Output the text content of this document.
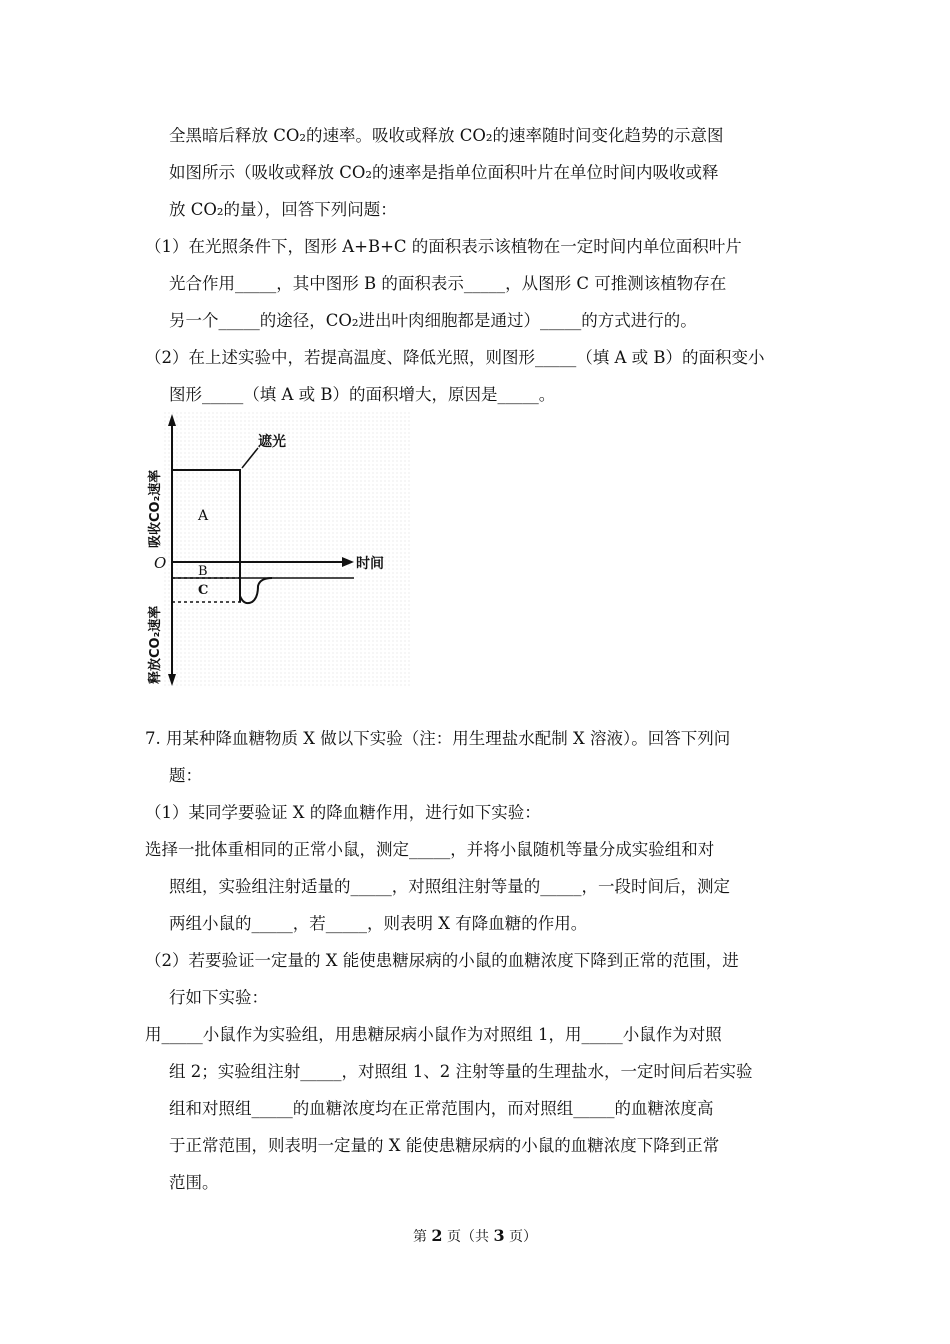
全黑暗后释放 CO₂的速率。吸收或释放 CO₂的速率随时间变化趋势的示意图

如图所示（吸收或释放 CO₂的速率是指单位面积叶片在单位时间内吸收或释

放 CO₂的量），回答下列问题：

（1）在光照条件下，图形 A+B+C 的面积表示该植物在一定时间内单位面积叶片

光合作用_____，其中图形 B 的面积表示_____，从图形 C 可推测该植物存在

另一个_____的途径，CO₂进出叶肉细胞都是通过）_____的方式进行的。

（2）在上述实验中，若提高温度、降低光照，则图形_____（填 A 或 B）的面积变小

图形_____（填 A 或 B）的面积增大，原因是_____。

遮光
A
B
C
O	时间
吸收CO₂速率
释放CO₂速率

7. 用某种降血糖物质 X 做以下实验（注：用生理盐水配制 X 溶液）。回答下列问

题：

（1）某同学要验证 X 的降血糖作用，进行如下实验：

选择一批体重相同的正常小鼠，测定_____，并将小鼠随机等量分成实验组和对

照组，实验组注射适量的_____，对照组注射等量的_____，一段时间后，测定

两组小鼠的_____，若_____，则表明 X 有降血糖的作用。

（2）若要验证一定量的 X 能使患糖尿病的小鼠的血糖浓度下降到正常的范围，进

行如下实验：

用_____小鼠作为实验组，用患糖尿病小鼠作为对照组 1，用_____小鼠作为对照

组 2；实验组注射_____，对照组 1、2 注射等量的生理盐水，一定时间后若实验

组和对照组_____的血糖浓度均在正常范围内，而对照组_____的血糖浓度高

于正常范围，则表明一定量的 X 能使患糖尿病的小鼠的血糖浓度下降到正常

范围。

第 2 页（共 3 页）
